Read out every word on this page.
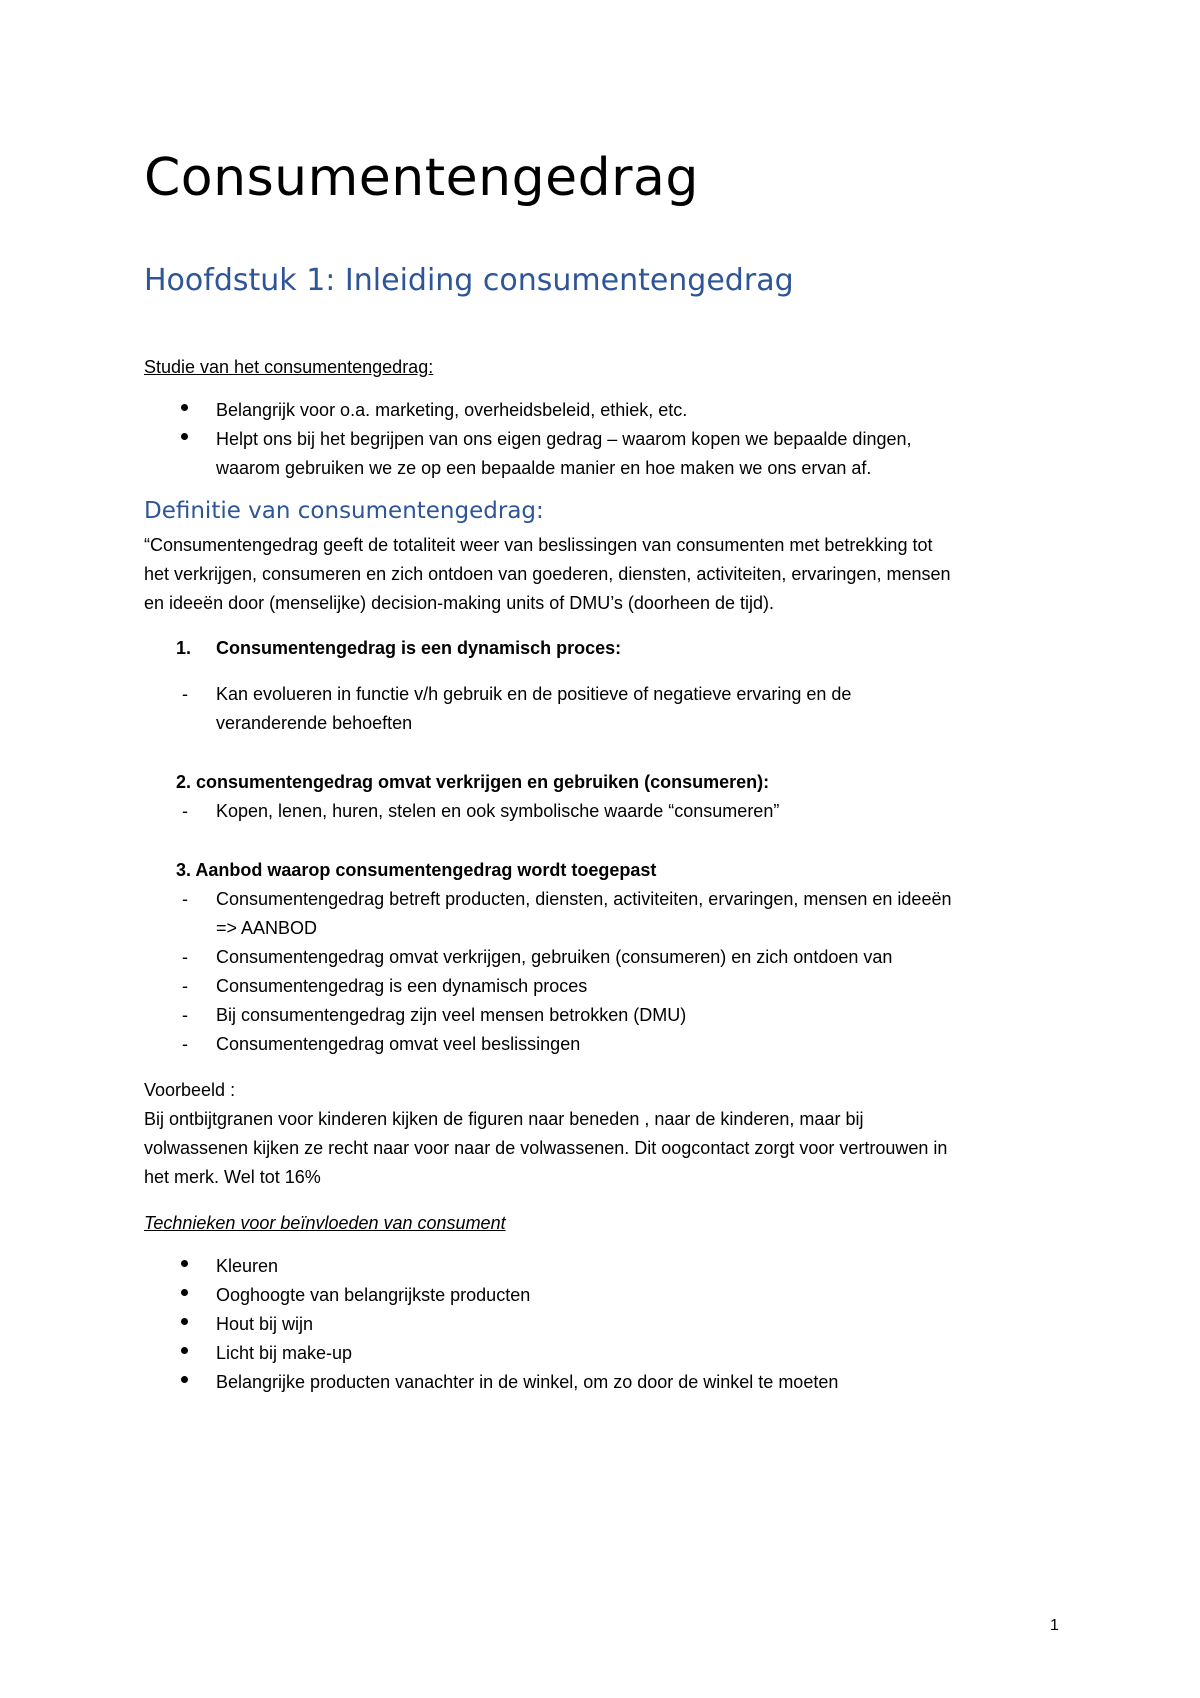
Consumentengedrag
Hoofdstuk 1: Inleiding consumentengedrag
Studie van het consumentengedrag:
Belangrijk voor o.a. marketing, overheidsbeleid, ethiek, etc.
Helpt ons bij het begrijpen van ons eigen gedrag – waarom kopen we bepaalde dingen,
waarom gebruiken we ze op een bepaalde manier en hoe maken we ons ervan af.
Definitie van consumentengedrag:
“Consumentengedrag geeft de totaliteit weer van beslissingen van consumenten met betrekking tot
het verkrijgen, consumeren en zich ontdoen van goederen, diensten, activiteiten, ervaringen, mensen
en ideeën door (menselijke) decision-making units of DMU’s (doorheen de tijd).
1. Consumentengedrag is een dynamisch proces:
- Kan evolueren in functie v/h gebruik en de positieve of negatieve ervaring en de
veranderende behoeften
2. consumentengedrag omvat verkrijgen en gebruiken (consumeren):
- Kopen, lenen, huren, stelen en ook symbolische waarde “consumeren”
3. Aanbod waarop consumentengedrag wordt toegepast
- Consumentengedrag betreft producten, diensten, activiteiten, ervaringen, mensen en ideeën
=> AANBOD
- Consumentengedrag omvat verkrijgen, gebruiken (consumeren) en zich ontdoen van
- Consumentengedrag is een dynamisch proces
- Bij consumentengedrag zijn veel mensen betrokken (DMU)
- Consumentengedrag omvat veel beslissingen
Voorbeeld :
Bij ontbijtgranen voor kinderen kijken de figuren naar beneden , naar de kinderen, maar bij
volwassenen kijken ze recht naar voor naar de volwassenen. Dit oogcontact zorgt voor vertrouwen in
het merk. Wel tot 16%
Technieken voor beïnvloeden van consument
Kleuren
Ooghoogte van belangrijkste producten
Hout bij wijn
Licht bij make-up
Belangrijke producten vanachter in de winkel, om zo door de winkel te moeten
1
